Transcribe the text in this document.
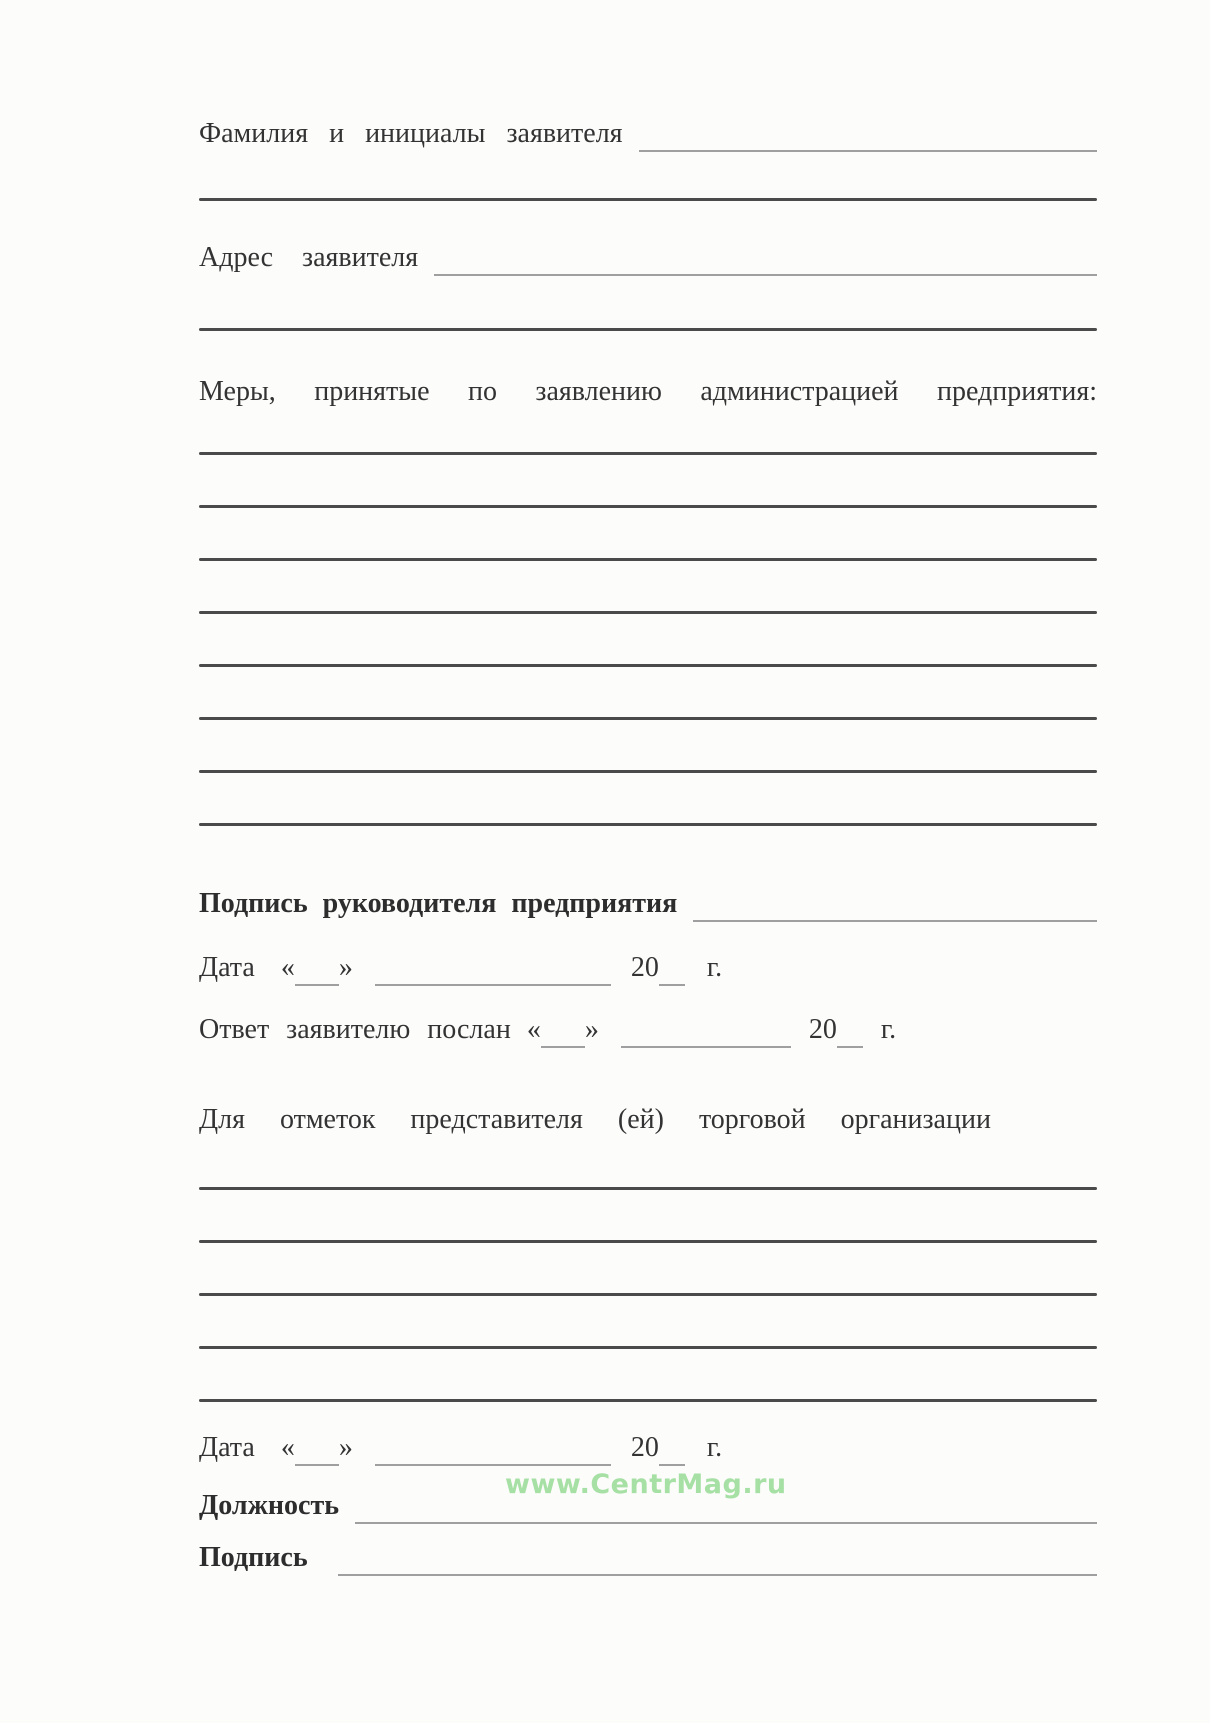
Фамилия и инициалы заявителя
Адрес заявителя
Меры, принятые по заявлению администрацией предприятия:
Подпись руководителя предприятия
Дата « »	20 г.
Ответ заявителю послан « »	20 г.
Для отметок представителя (ей) торговой организации
Дата « »	20 г.
www.CentrMag.ru
Должность
Подпись
